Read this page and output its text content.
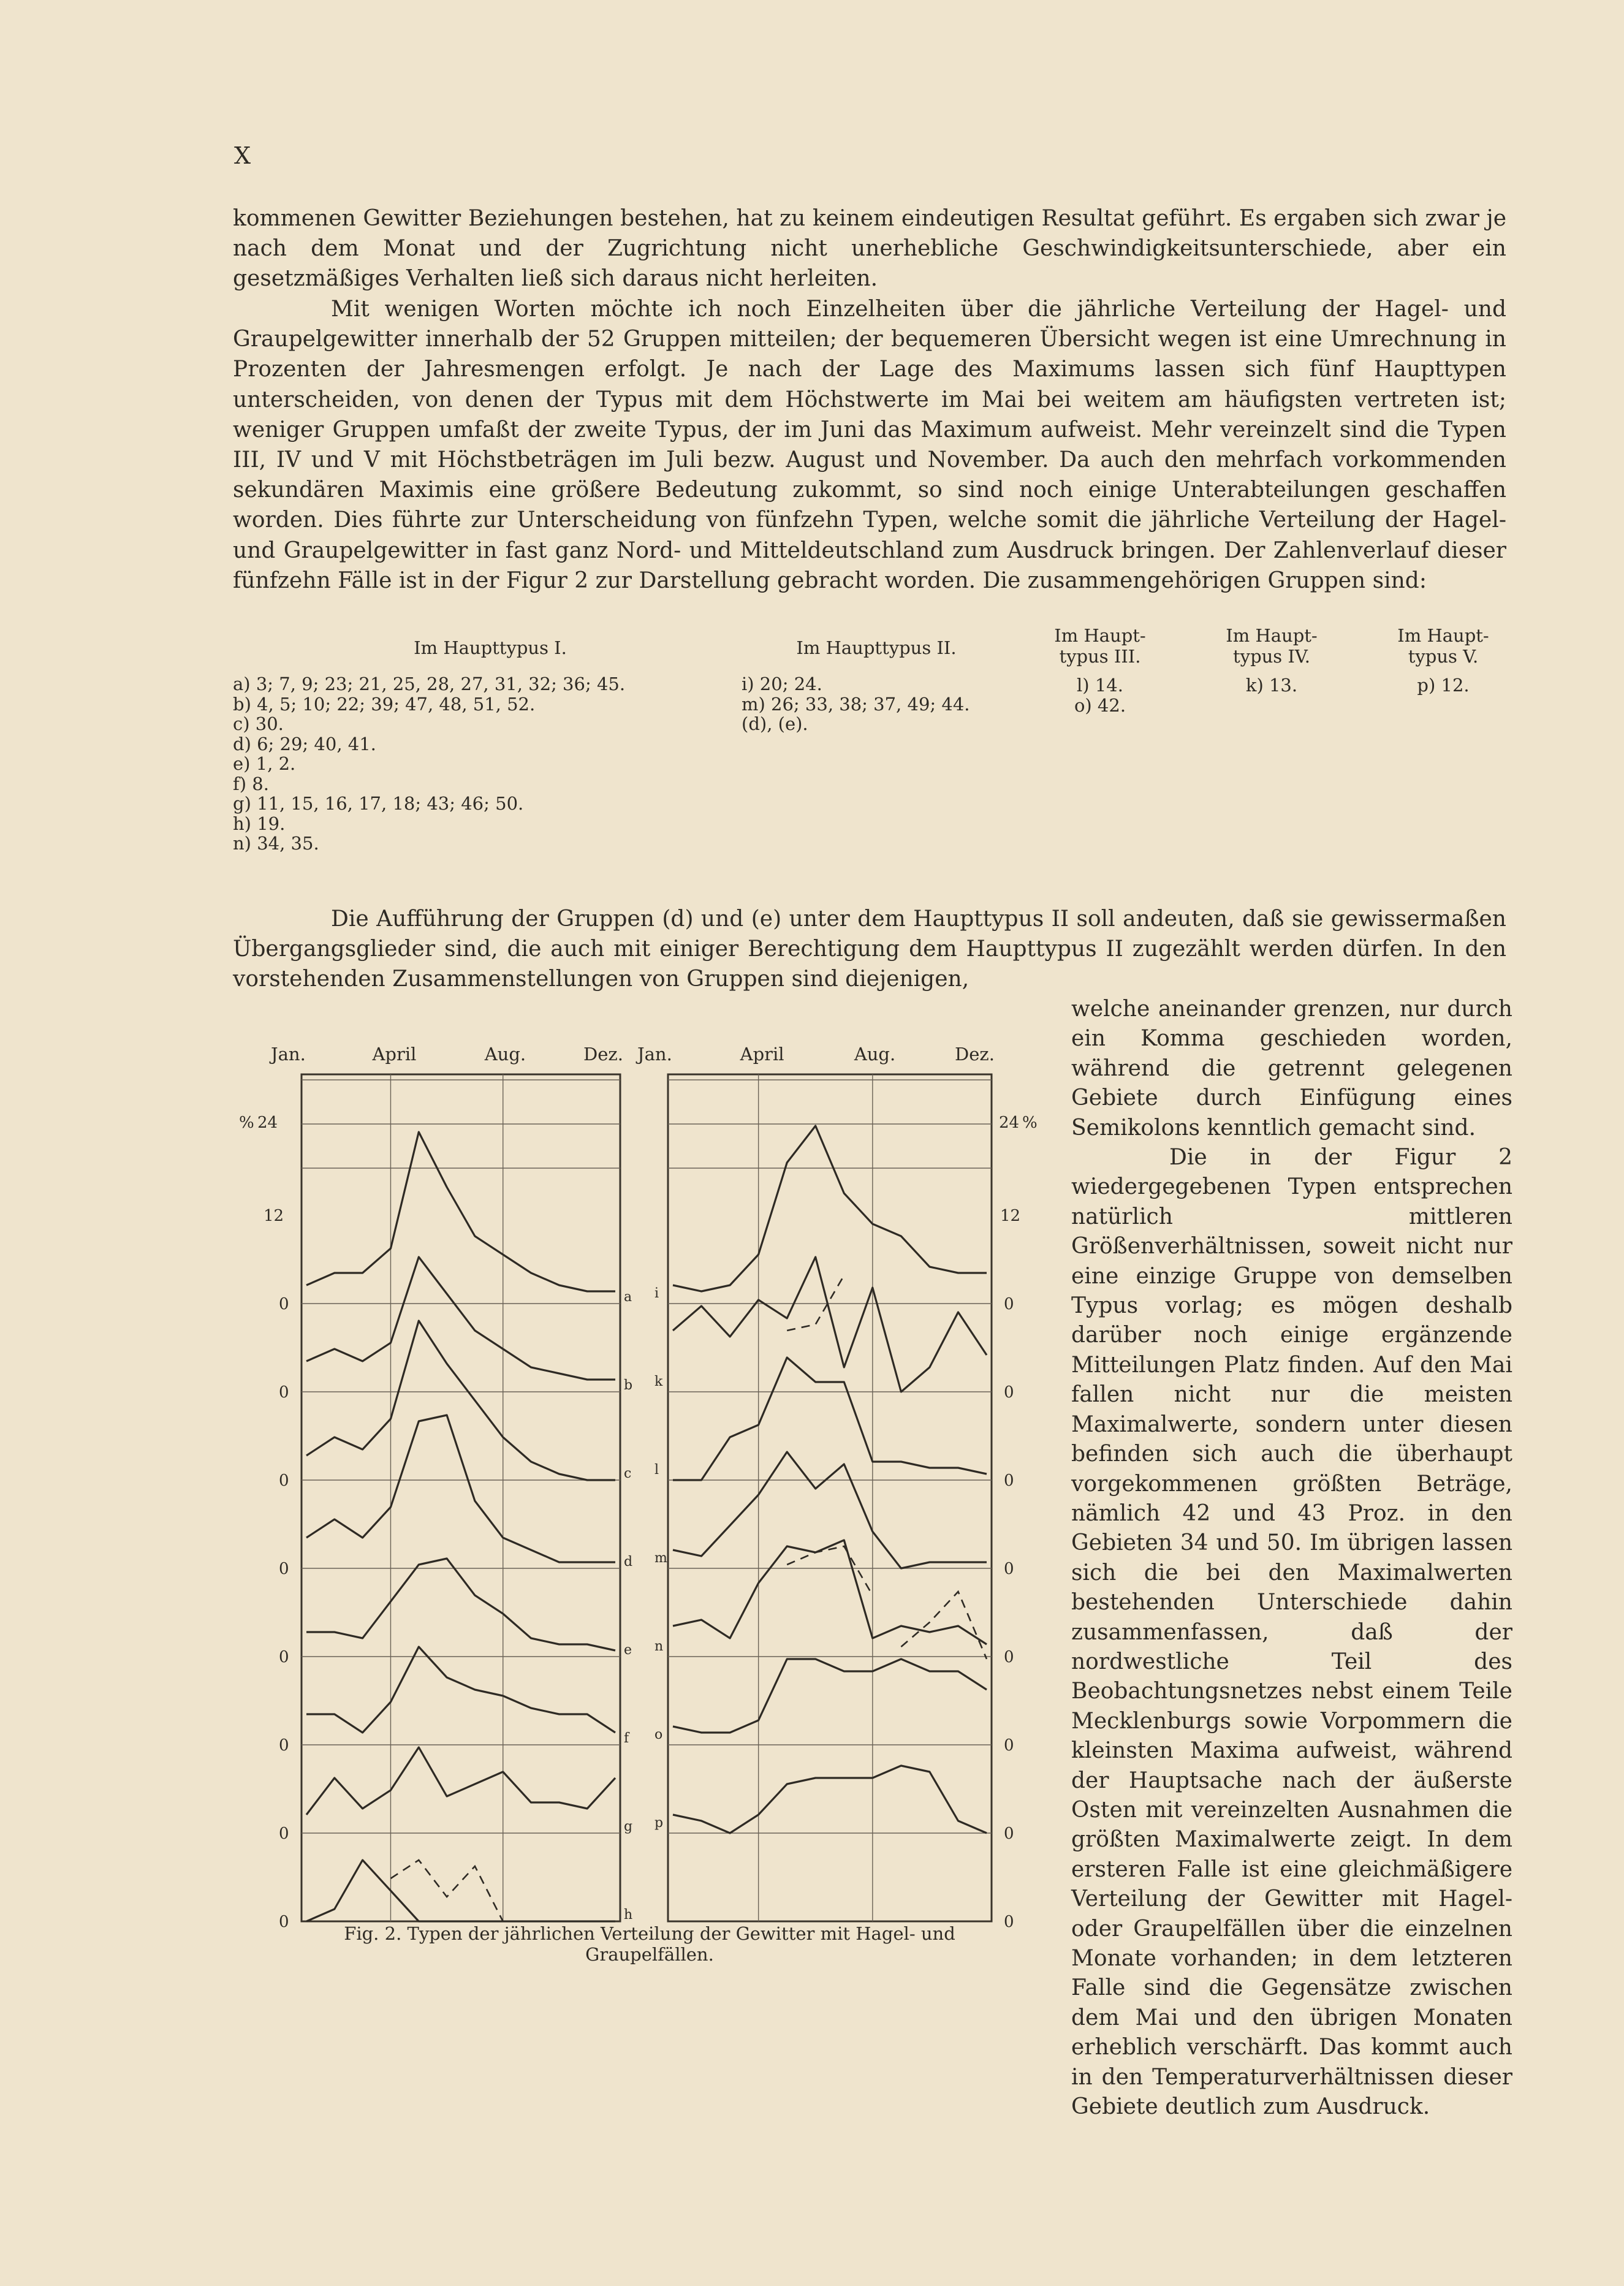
X

kommenen Gewitter Beziehungen bestehen, hat zu keinem eindeutigen Resultat geführt. Es ergaben sich zwar je nach dem Monat und der Zugrichtung nicht unerhebliche Geschwindigkeitsunterschiede, aber ein gesetzmäßiges Verhalten ließ sich daraus nicht herleiten.

Mit wenigen Worten möchte ich noch Einzelheiten über die jährliche Verteilung der Hagel- und Graupelgewitter innerhalb der 52 Gruppen mitteilen; der bequemeren Übersicht wegen ist eine Umrechnung in Prozenten der Jahresmengen erfolgt. Je nach der Lage des Maximums lassen sich fünf Haupttypen unterscheiden, von denen der Typus mit dem Höchstwerte im Mai bei weitem am häufigsten vertreten ist; weniger Gruppen umfaßt der zweite Typus, der im Juni das Maximum aufweist. Mehr vereinzelt sind die Typen III, IV und V mit Höchstbeträgen im Juli bezw. August und November. Da auch den mehrfach vorkommenden sekundären Maximis eine größere Bedeutung zukommt, so sind noch einige Unterabteilungen geschaffen worden. Dies führte zur Unterscheidung von fünfzehn Typen, welche somit die jährliche Verteilung der Hagel- und Graupelgewitter in fast ganz Nord- und Mitteldeutschland zum Ausdruck bringen. Der Zahlenverlauf dieser fünfzehn Fälle ist in der Figur 2 zur Darstellung gebracht worden. Die zusammengehörigen Gruppen sind:

Im Haupttypus I.
a) 3; 7, 9; 23; 21, 25, 28, 27, 31, 32; 36; 45.
b) 4, 5; 10; 22; 39; 47, 48, 51, 52.
c) 30.
d) 6; 29; 40, 41.
e) 1, 2.
f) 8.
g) 11, 15, 16, 17, 18; 43; 46; 50.
h) 19.
n) 34, 35.
Im Haupttypus II.
i) 20; 24.
m) 26; 33, 38; 37, 49; 44.
(d), (e).
Im Haupt-
typus III.
l) 14.
o) 42.
Im Haupt-
typus IV.
k) 13.
Im Haupt-
typus V.
p) 12.

Die Aufführung der Gruppen (d) und (e) unter dem Haupttypus II soll andeuten, daß sie gewissermaßen Übergangsglieder sind, die auch mit einiger Berechtigung dem Haupttypus II zugezählt werden dürfen. In den vorstehenden Zusammenstellungen von Gruppen sind diejenigen,

welche aneinander grenzen, nur durch ein Komma geschieden worden, während die getrennt gelegenen Gebiete durch Einfügung eines Semikolons kenntlich gemacht sind.

Die in der Figur 2 wiedergegebenen Typen entsprechen natürlich mittleren Größenverhältnissen, soweit nicht nur eine einzige Gruppe von demselben Typus vorlag; es mögen deshalb darüber noch einige ergänzende Mitteilungen Platz finden. Auf den Mai fallen nicht nur die meisten Maximalwerte, sondern unter diesen befinden sich auch die überhaupt vorgekommenen größten Beträge, nämlich 42 und 43 Proz. in den Gebieten 34 und 50. Im übrigen lassen sich die bei den Maximalwerten bestehenden Unterschiede dahin zusammenfassen, daß der nordwestliche Teil des Beobachtungsnetzes nebst einem Teile Mecklenburgs sowie Vorpommern die kleinsten Maxima aufweist, während der Hauptsache nach der äußerste Osten mit vereinzelten Ausnahmen die größten Maximalwerte zeigt. In dem ersteren Falle ist eine gleichmäßigere Verteilung der Gewitter mit Hagel- oder Graupelfällen über die einzelnen Monate vorhanden; in dem letzteren Falle sind die Gegensätze zwischen dem Mai und den übrigen Monaten erheblich verschärft. Das kommt auch in den Temperaturverhältnissen dieser Gebiete deutlich zum Ausdruck.

Jan.	April	Aug.	Dez. Jan.	April	Aug.	Dez.
% 24
12
0
0
0
0
0
0
0
0
24 %
12
0
0
0
0
0
0
0
0
a
b
c
d
e
f
g
h
i
k
l
m
n
o
p
Fig. 2. Typen der jährlichen Verteilung der Gewitter mit Hagel- und Graupelfällen.
